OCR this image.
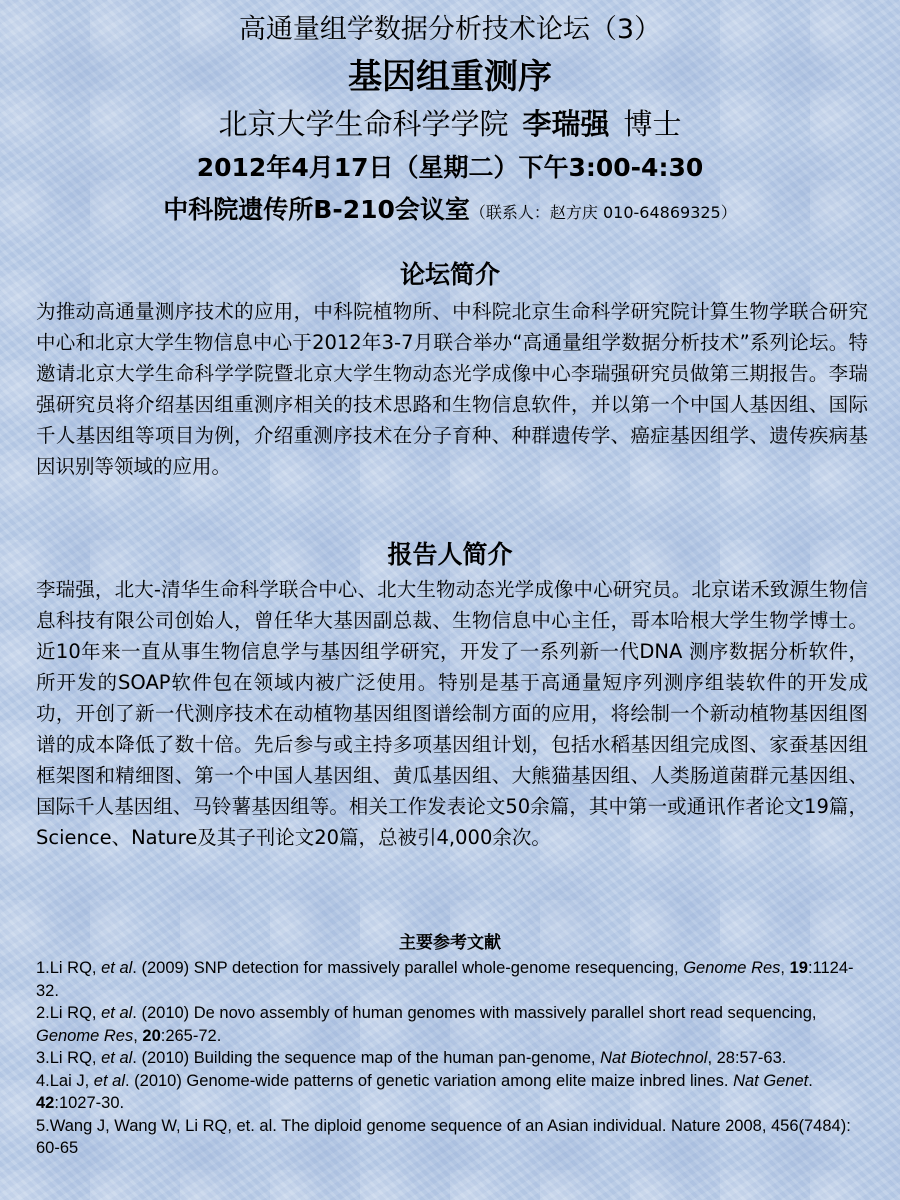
高通量组学数据分析技术论坛（3）
基因组重测序
北京大学生命科学学院 李瑞强 博士
2012年4月17日（星期二）下午3:00-4:30
中科院遗传所B-210会议室（联系人：赵方庆 010-64869325）
论坛简介
为推动高通量测序技术的应用，中科院植物所、中科院北京生命科学研究院计算生物学联合研究中心和北京大学生物信息中心于2012年3-7月联合举办“高通量组学数据分析技术”系列论坛。特邀请北京大学生命科学学院暨北京大学生物动态光学成像中心李瑞强研究员做第三期报告。李瑞强研究员将介绍基因组重测序相关的技术思路和生物信息软件，并以第一个中国人基因组、国际千人基因组等项目为例，介绍重测序技术在分子育种、种群遗传学、癌症基因组学、遗传疾病基因识别等领域的应用。
报告人简介
李瑞强，北大-清华生命科学联合中心、北大生物动态光学成像中心研究员。北京诺禾致源生物信息科技有限公司创始人，曾任华大基因副总裁、生物信息中心主任，哥本哈根大学生物学博士。近10年来一直从事生物信息学与基因组学研究，开发了一系列新一代DNA 测序数据分析软件，所开发的SOAP软件包在领域内被广泛使用。特别是基于高通量短序列测序组装软件的开发成功，开创了新一代测序技术在动植物基因组图谱绘制方面的应用，将绘制一个新动植物基因组图谱的成本降低了数十倍。先后参与或主持多项基因组计划，包括水稻基因组完成图、家蚕基因组框架图和精细图、第一个中国人基因组、黄瓜基因组、大熊猫基因组、人类肠道菌群元基因组、国际千人基因组、马铃薯基因组等。相关工作发表论文50余篇，其中第一或通讯作者论文19篇，Science、Nature及其子刊论文20篇，总被引4,000余次。
主要参考文献
1.Li RQ, et al. (2009) SNP detection for massively parallel whole-genome resequencing, Genome Res, 19:1124-32.
2.Li RQ, et al. (2010) De novo assembly of human genomes with massively parallel short read sequencing, Genome Res, 20:265-72.
3.Li RQ, et al. (2010) Building the sequence map of the human pan-genome, Nat Biotechnol, 28:57-63.
4.Lai J, et al. (2010) Genome-wide patterns of genetic variation among elite maize inbred lines. Nat Genet. 42:1027-30.
5.Wang J, Wang W, Li RQ, et. al. The diploid genome sequence of an Asian individual. Nature 2008, 456(7484): 60-65
